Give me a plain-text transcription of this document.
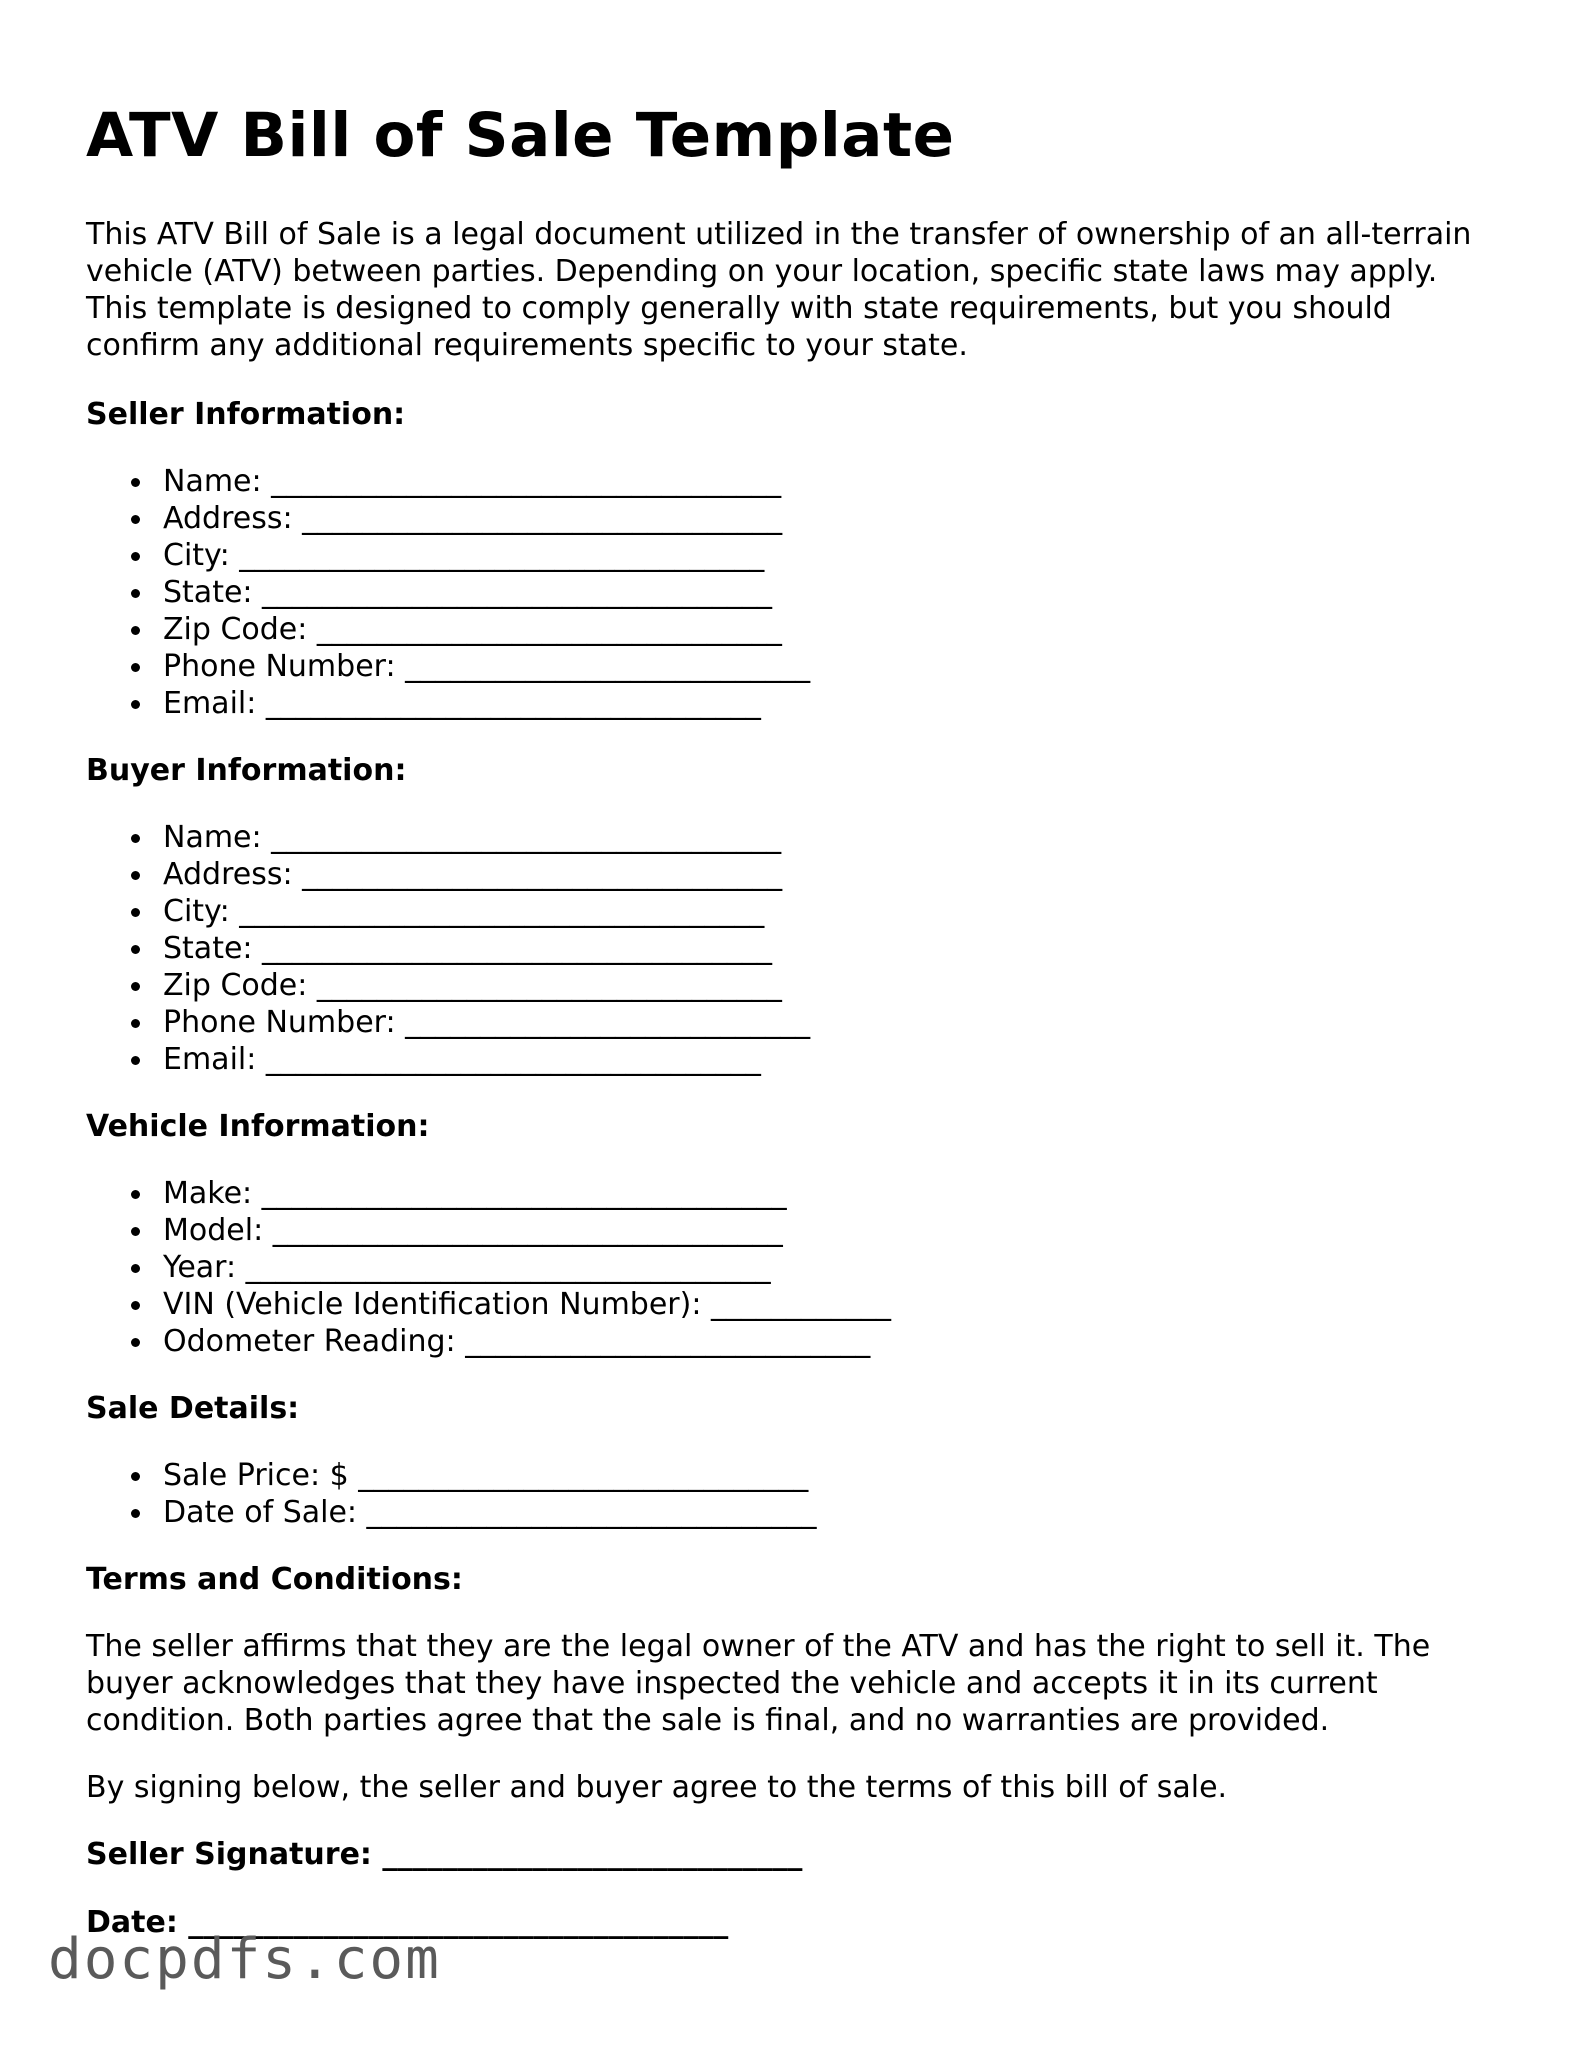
ATV Bill of Sale Template

This ATV Bill of Sale is a legal document utilized in the transfer of ownership of an all-terrain vehicle (ATV) between parties. Depending on your location, specific state laws may apply. This template is designed to comply generally with state requirements, but you should confirm any additional requirements specific to your state.

Seller Information:
Name: __________________________________
Address: ________________________________
City: ___________________________________
State: __________________________________
Zip Code: _______________________________
Phone Number: ___________________________
Email: _________________________________
Buyer Information:
Name: __________________________________
Address: ________________________________
City: ___________________________________
State: __________________________________
Zip Code: _______________________________
Phone Number: ___________________________
Email: _________________________________
Vehicle Information:
Make: ___________________________________
Model: __________________________________
Year: ___________________________________
VIN (Vehicle Identification Number): ____________
Odometer Reading: ___________________________
Sale Details:
Sale Price: $ ______________________________
Date of Sale: ______________________________
Terms and Conditions:

The seller affirms that they are the legal owner of the ATV and has the right to sell it. The buyer acknowledges that they have inspected the vehicle and accepts it in its current condition. Both parties agree that the sale is final, and no warranties are provided.

By signing below, the seller and buyer agree to the terms of this bill of sale.

Seller Signature: ____________________________
Date: ____________________________________
docpdfs.com
